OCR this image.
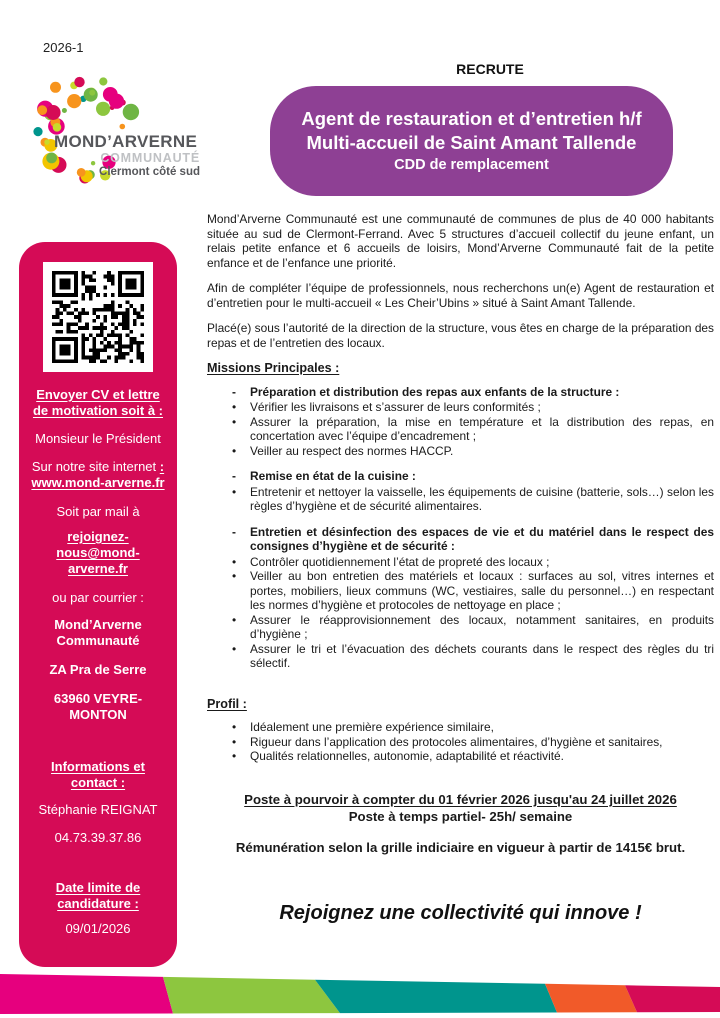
2026-1
MOND’ARVERNE
COMMUNAUTÉ
Clermont côté sud
RECRUTE
Agent de restauration et d’entretien h/f
Multi-accueil de Saint Amant Tallende
CDD de remplacement
Envoyer CV et lettre de motivation soit à :
Monsieur le Président
Sur notre site internet : www.mond-arverne.fr
Soit par mail à
rejoignez-nous@mond-arverne.fr
ou par courrier :
Mond’Arverne Communauté
ZA Pra de Serre
63960 VEYRE-MONTON
Informations et contact :
Stéphanie REIGNAT
04.73.39.37.86
Date limite de candidature :
09/01/2026

Mond’Arverne Communauté est une communauté de communes de plus de 40 000 habitants située au sud de Clermont-Ferrand. Avec 5 structures d’accueil collectif du jeune enfant, un relais petite enfance et 6 accueils de loisirs, Mond’Arverne Communauté fait de la petite enfance et de l’enfance une priorité.

Afin de compléter l’équipe de professionnels, nous recherchons un(e) Agent de restauration et d’entretien pour le multi-accueil « Les Cheir’Ubins » situé à Saint Amant Tallende.

Placé(e) sous l’autorité de la direction de la structure, vous êtes en charge de la préparation des repas et de l’entretien des locaux.

Missions Principales :
-	Préparation et distribution des repas aux enfants de la structure :
•	Vérifier les livraisons et s’assurer de leurs conformités ;
•	Assurer la préparation, la mise en température et la distribution des repas, en concertation avec l’équipe d’encadrement ;
•	Veiller au respect des normes HACCP.
-	Remise en état de la cuisine :
•	Entretenir et nettoyer la vaisselle, les équipements de cuisine (batterie, sols…) selon les règles d’hygiène et de sécurité alimentaires.
-	Entretien et désinfection des espaces de vie et du matériel dans le respect des consignes d’hygiène et de sécurité :
•	Contrôler quotidiennement l’état de propreté des locaux ;
•	Veiller au bon entretien des matériels et locaux : surfaces au sol, vitres internes et portes, mobiliers, lieux communs (WC, vestiaires, salle du personnel…) en respectant les normes d’hygiène et protocoles de nettoyage en place ;
•	Assurer le réapprovisionnement des locaux, notamment sanitaires, en produits d’hygiène ;
•	Assurer le tri et l’évacuation des déchets courants dans le respect des règles du tri sélectif.
Profil :
•	Idéalement une première expérience similaire,
•	Rigueur dans l’application des protocoles alimentaires, d’hygiène et sanitaires,
•	Qualités relationnelles, autonomie, adaptabilité et réactivité.
Poste à pourvoir à compter du 01 février 2026 jusqu'au 24 juillet 2026
Poste à temps partiel- 25h/ semaine
Rémunération selon la grille indiciaire en vigueur à partir de 1415€ brut.
Rejoignez une collectivité qui innove !
